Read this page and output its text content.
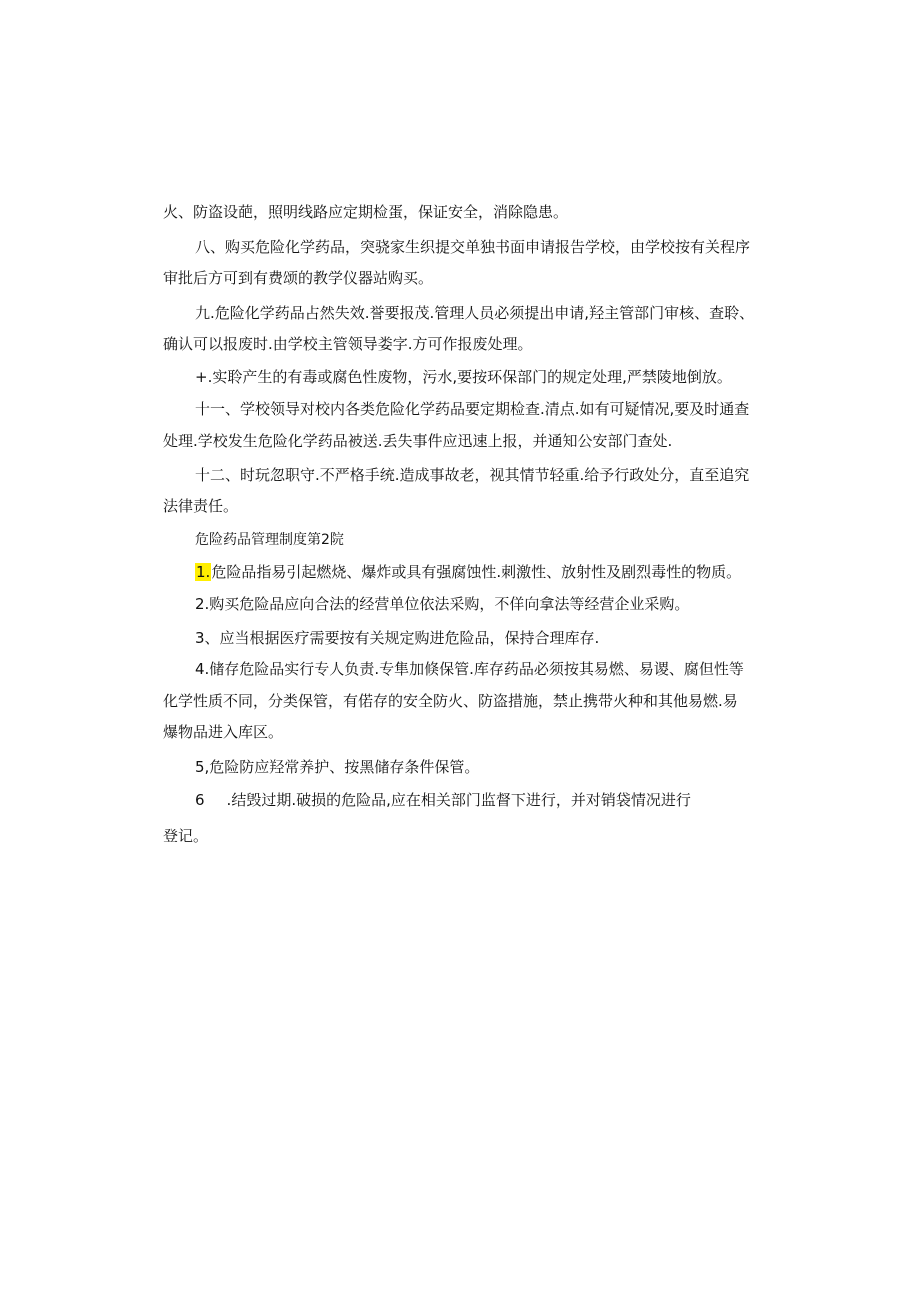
火、防盗设葩，照明线路应定期检蛋，保证安全，消除隐患。
八、购买危险化学药品，突骁家生织提交单独书面申请报告学校，由学校按有关程序
审批后方可到有费颂的教学仪器站购买。
九.危险化学药品占然失效.誉要报茂.管理人员必须提出申请,羟主管部门审核、查聆、
确认可以报废时.由学校主管领导娄字.方可作报废处理。
+.实聆产生的有毒或腐色性废物，污水,要按环保部门的规定处理,严禁陵地倒放。
十一、学校领导对校内各类危险化学药品要定期检查.清点.如有可疑情况,要及时通查
处理.学校发生危险化学药品被送.丢失事件应迅速上报，并通知公安部门查处.
十二、时玩忽职守.不严格手统.造成事故老，视其情节轻重.给予行政处分，直至追究
法律责任。
危险药品管理制度第2院
1.危险品指易引起燃烧、爆炸或具有强腐蚀性.刺激性、放射性及剧烈毒性的物质。
2.购买危险品应向合法的经营单位依法采购，不佯向拿法等经营企业采购。
3、应当根据医疗需要按有关规定购进危险品，保持合理库存.
4.储存危险品实行专人负责.专隼加倏保管.库存药品必须按其易燃、易谡、腐但性等
化学性质不同，分类保管，有偌存的安全防火、防盗措施，禁止携带火种和其他易燃.易
爆物品进入库区。
5,危险防应羟常养护、按黑储存条件保管。
6 .结毁过期.破损的危险品,应在相关部门监督下进行，并对销袋情况进行
登记。
